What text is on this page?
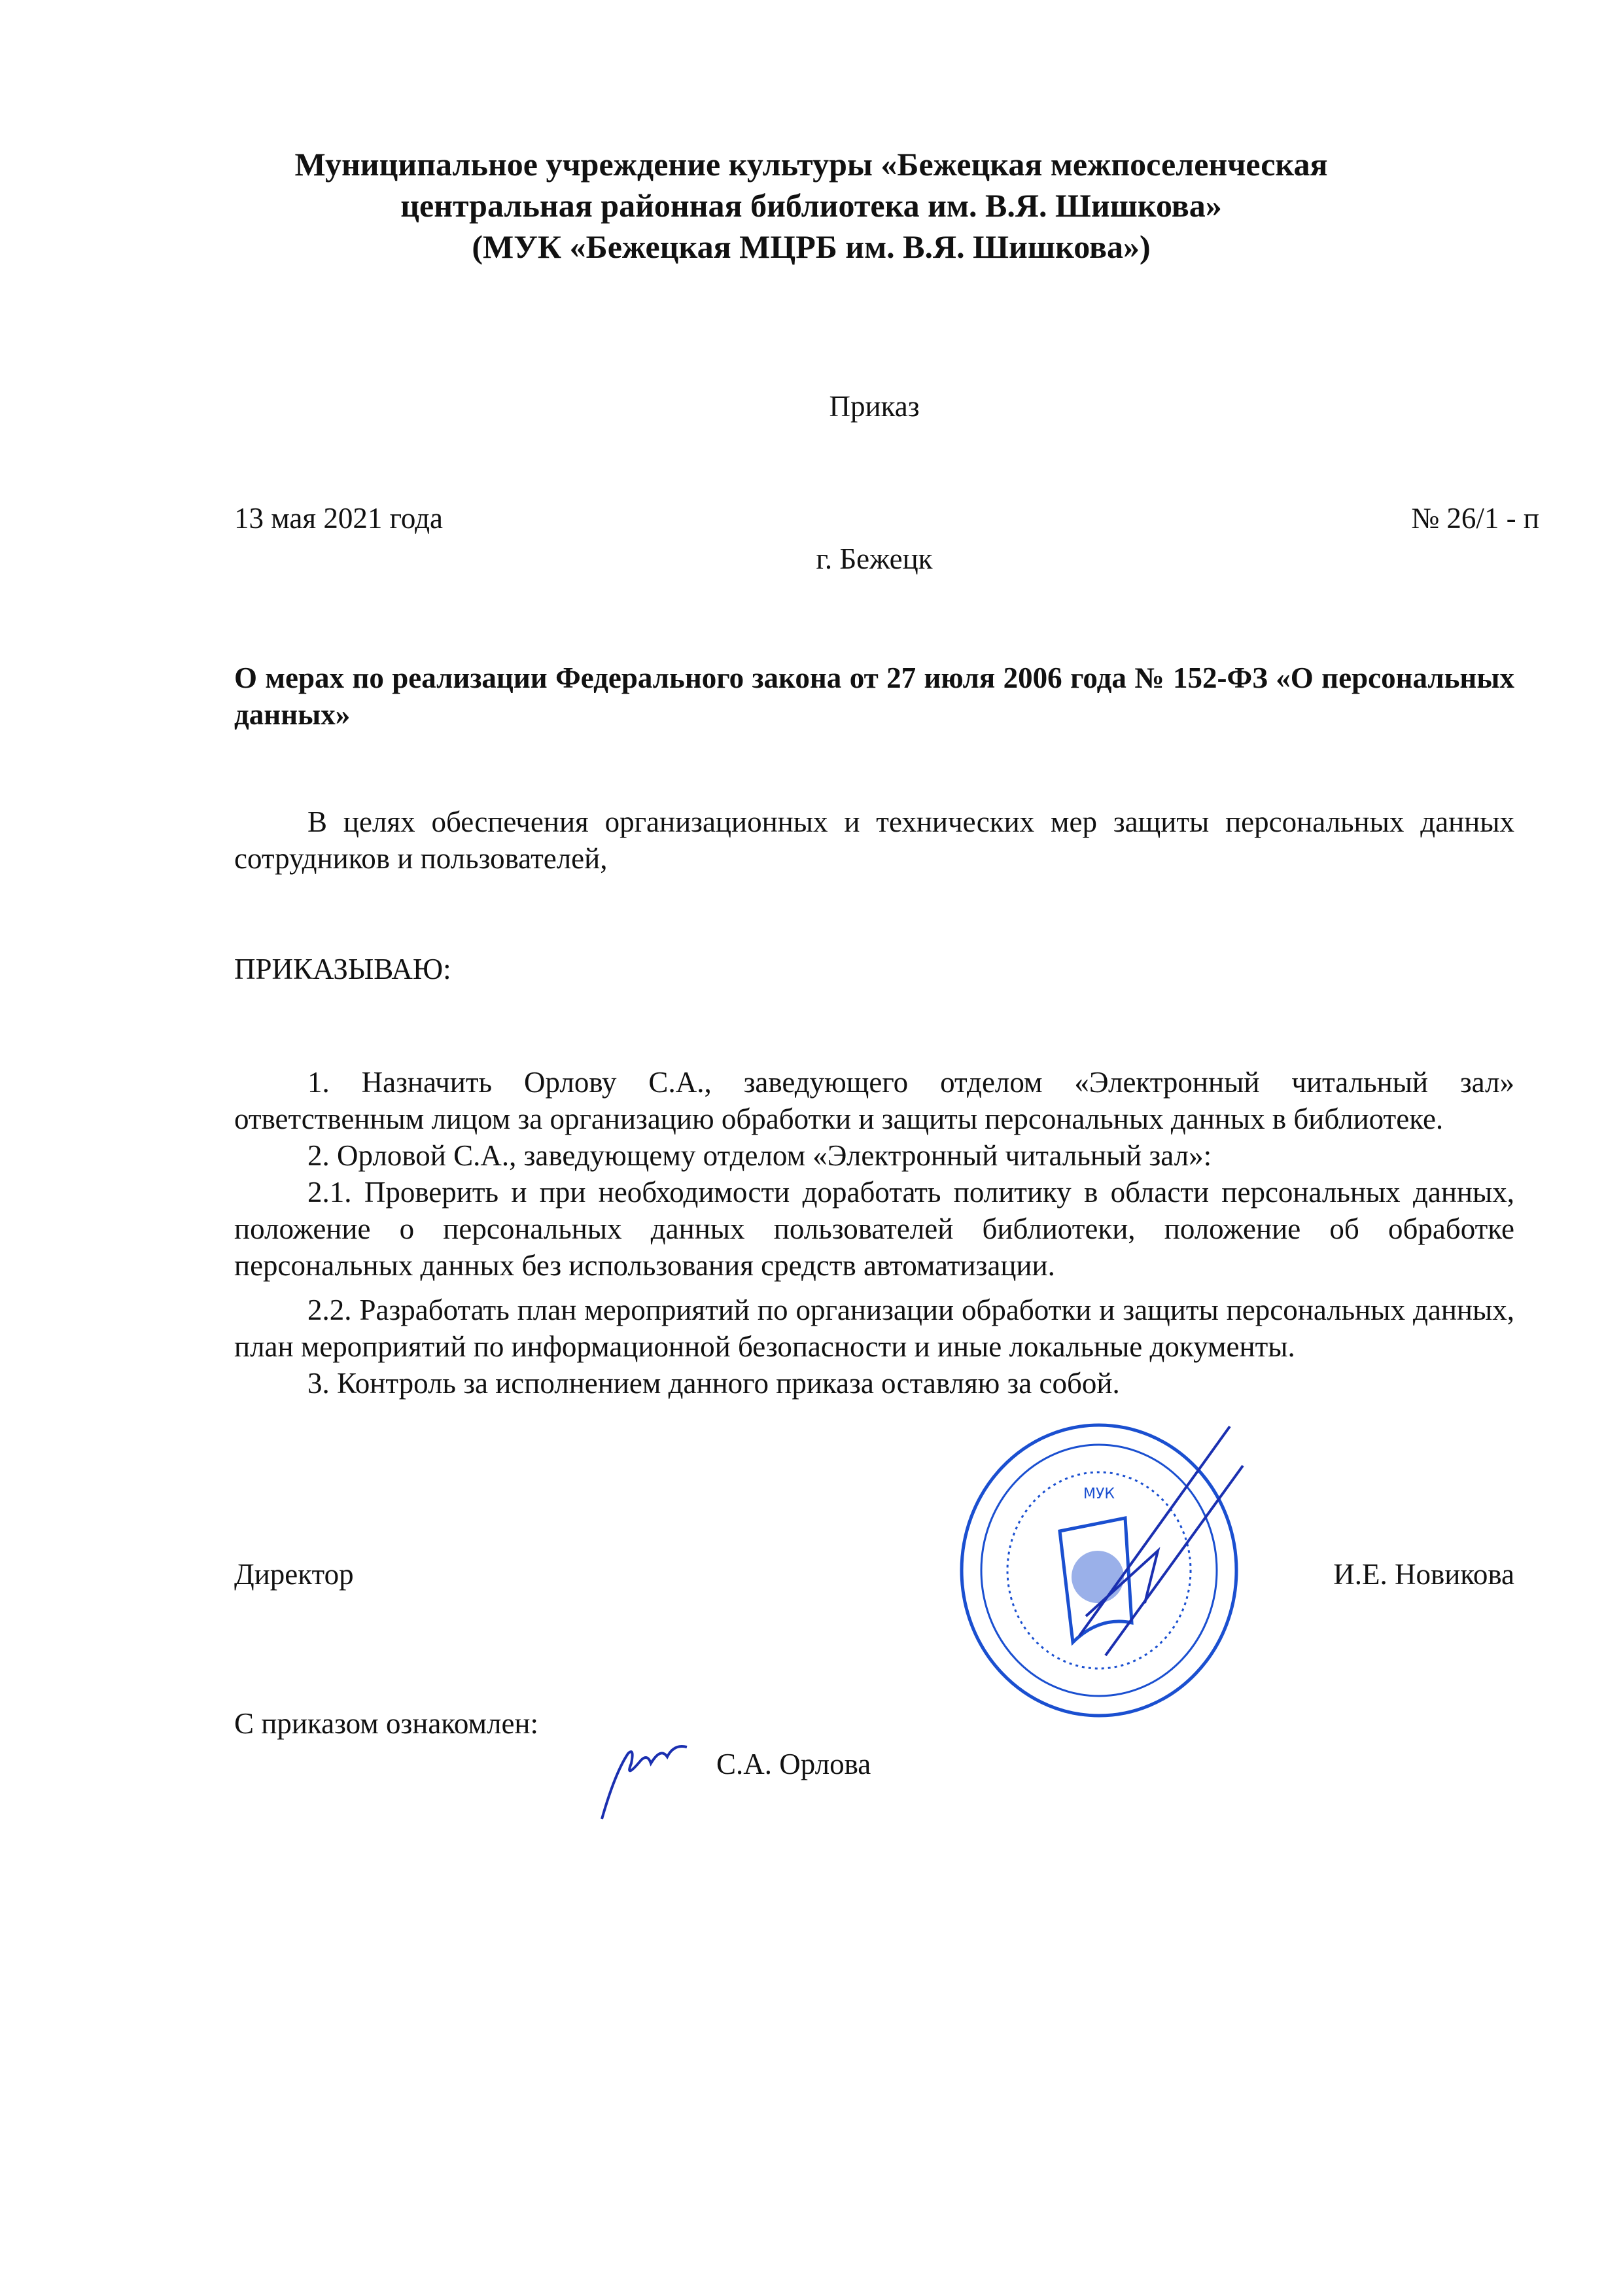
Муниципальное учреждение культуры «Бежецкая межпоселенческая
центральная районная библиотека им. В.Я. Шишкова»
(МУК «Бежецкая МЦРБ им. В.Я. Шишкова»)
Приказ
13 мая 2021 года	№ 26/1 - п
г. Бежецк
О мерах по реализации Федерального закона от 27 июля 2006 года № 152-ФЗ «О персональных данных»
В целях обеспечения организационных и технических мер защиты персональных данных сотрудников и пользователей,
ПРИКАЗЫВАЮ:

1. Назначить Орлову С.А., заведующего отделом «Электронный читальный зал» ответственным лицом за организацию обработки и защиты персональных данных в библиотеке.

2. Орловой С.А., заведующему отделом «Электронный читальный зал»:

2.1. Проверить и при необходимости доработать политику в области персональных данных, положение о персональных данных пользователей библиотеки, положение об обработке персональных данных без использования средств автоматизации.

2.2. Разработать план мероприятий по организации обработки и защиты персональных данных, план мероприятий по информационной безопасности и иные локальные документы.

3. Контроль за исполнением данного приказа оставляю за собой.

Директор	И.Е. Новикова
МУК
С приказом ознакомлен:
С.А. Орлова
